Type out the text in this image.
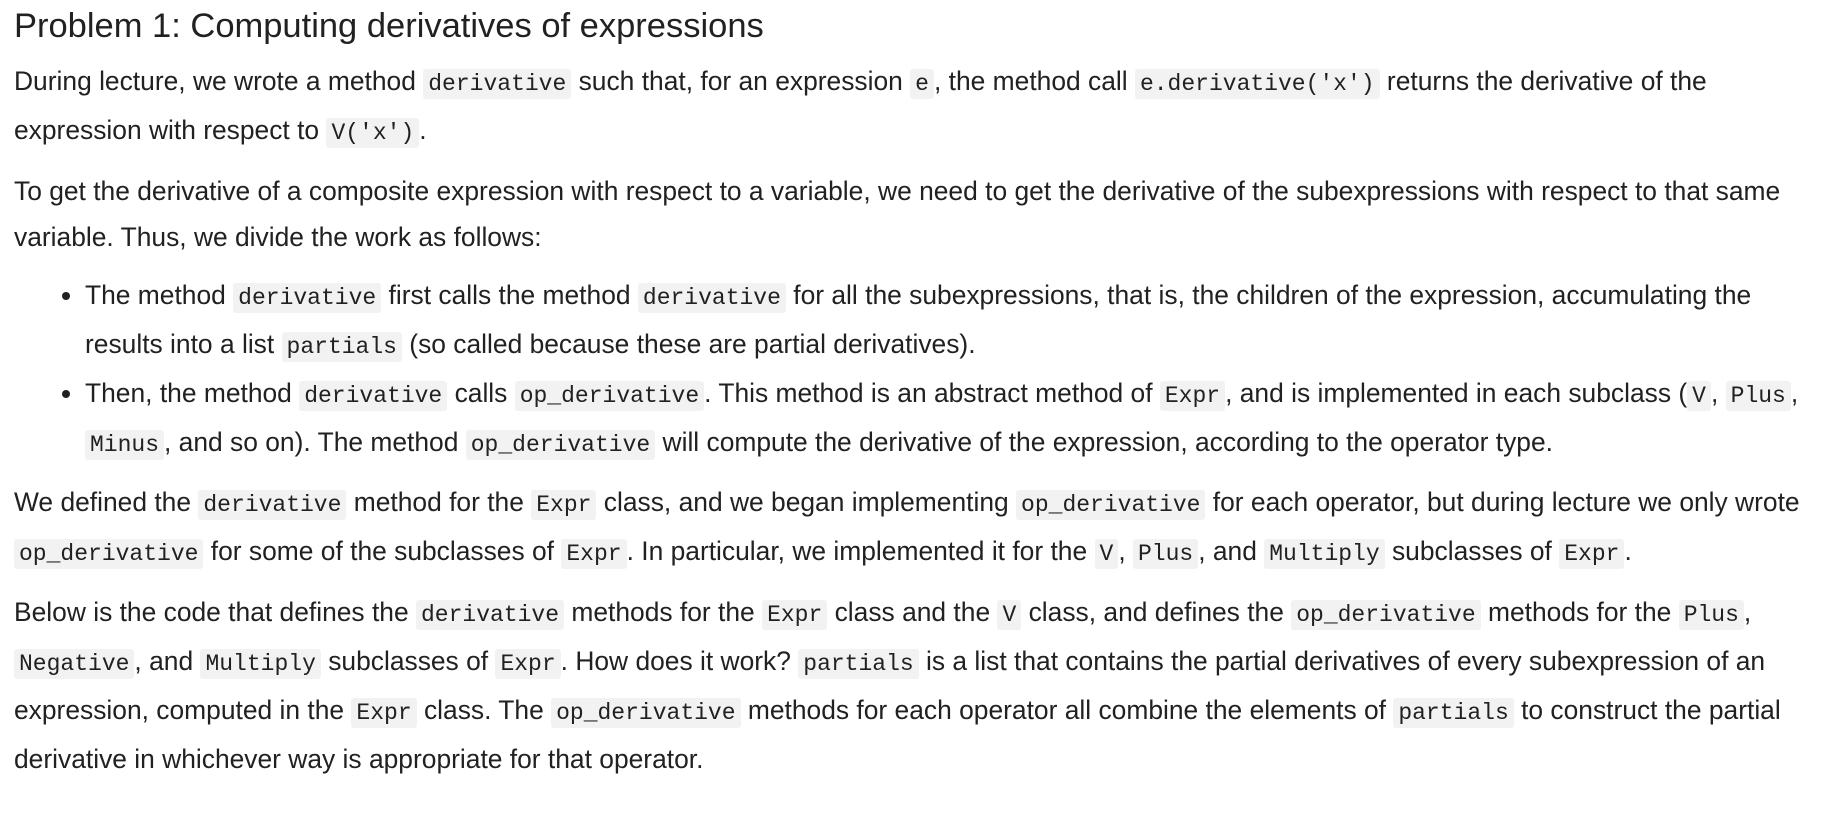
Problem 1: Computing derivatives of expressions

During lecture, we wrote a method derivative such that, for an expression e , the method call e.derivative('x') returns the derivative of the expression with respect to V('x') .

To get the derivative of a composite expression with respect to a variable, we need to get the derivative of the subexpressions with respect to that same variable. Thus, we divide the work as follows:

• The method derivative first calls the method derivative for all the subexpressions, that is, the children of the expression, accumulating the results into a list partials (so called because these are partial derivatives).
• Then, the method derivative calls op_derivative . This method is an abstract method of Expr , and is implemented in each subclass ( V , Plus , Minus , and so on). The method op_derivative will compute the derivative of the expression, according to the operator type.

We defined the derivative method for the Expr class, and we began implementing op_derivative for each operator, but during lecture we only wrote op_derivative for some of the subclasses of Expr . In particular, we implemented it for the V , Plus , and Multiply subclasses of Expr .

Below is the code that defines the derivative methods for the Expr class and the V class, and defines the op_derivative methods for the Plus , Negative , and Multiply subclasses of Expr . How does it work? partials is a list that contains the partial derivatives of every subexpression of an expression, computed in the Expr class. The op_derivative methods for each operator all combine the elements of partials to construct the partial derivative in whichever way is appropriate for that operator.
